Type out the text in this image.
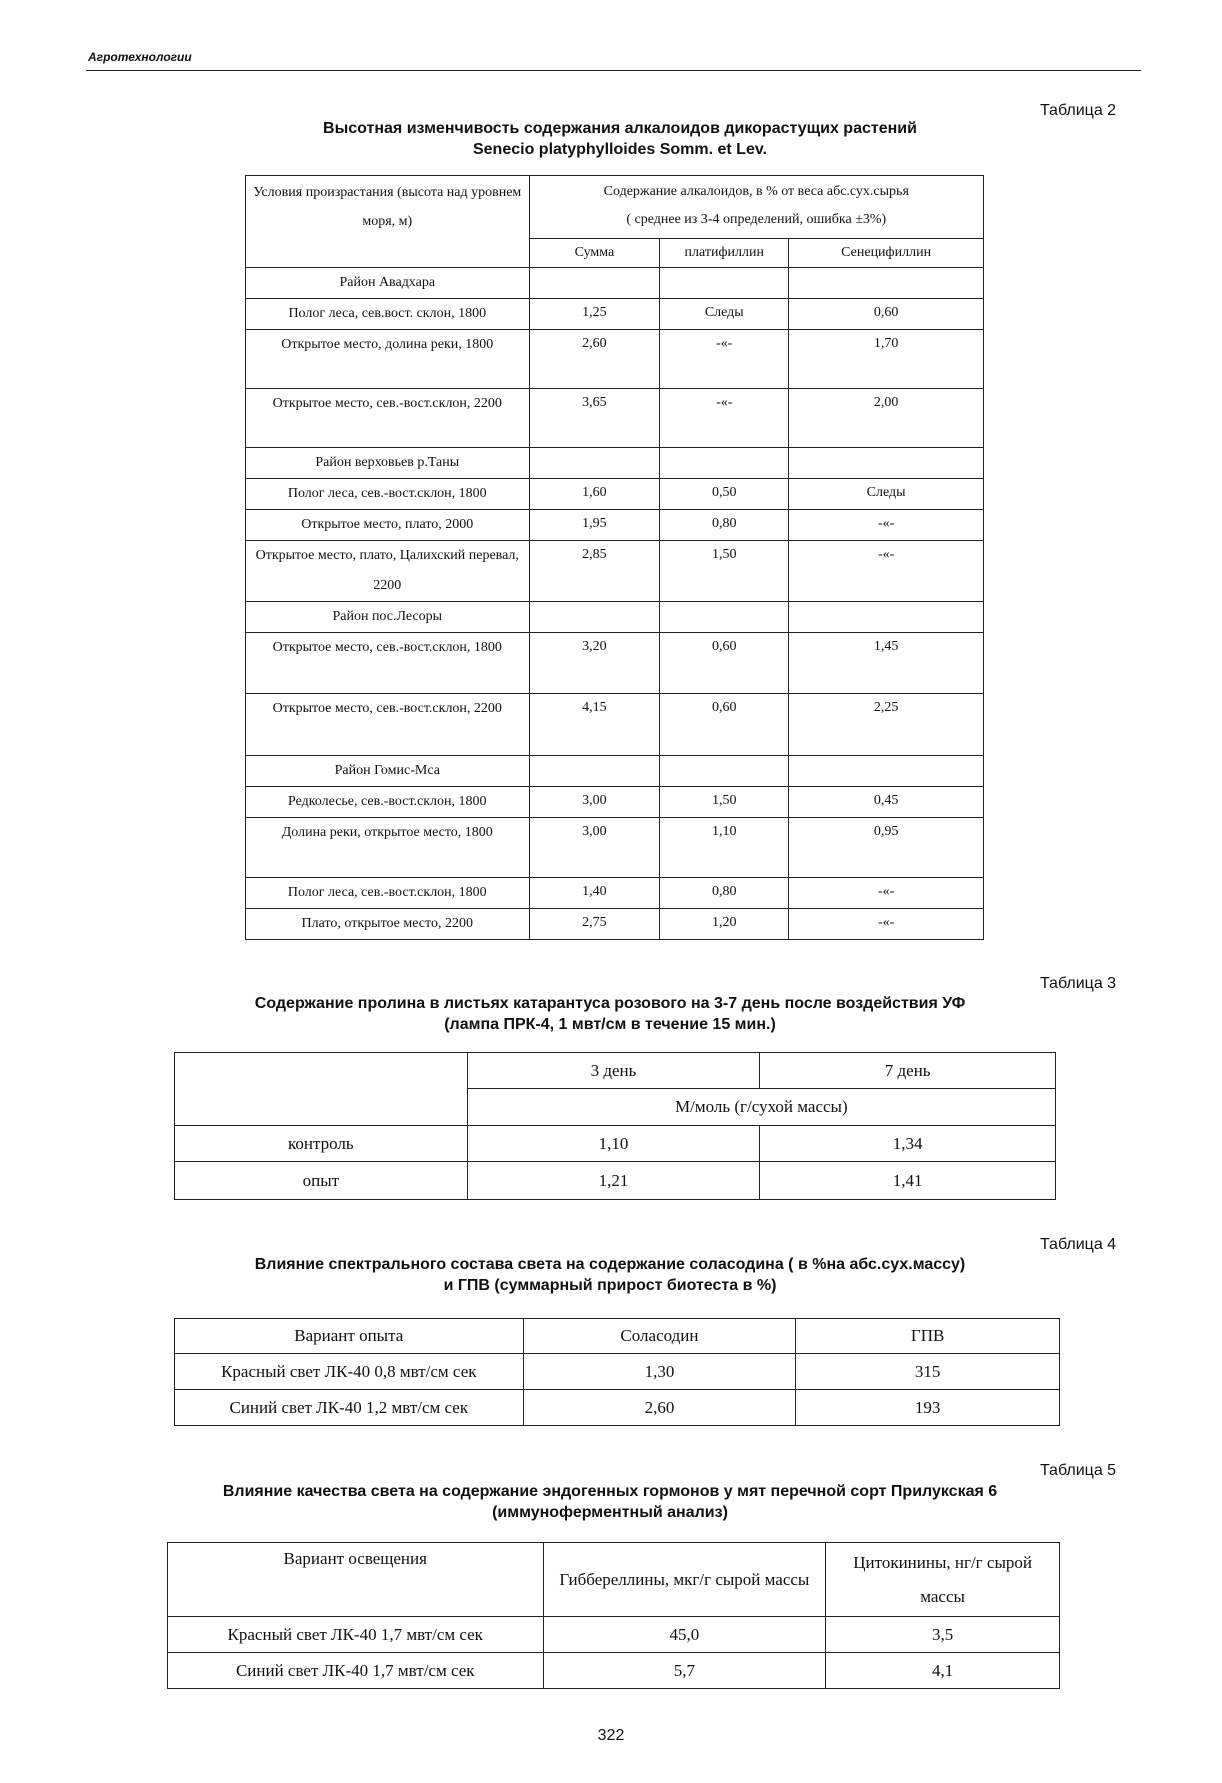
Агротехнологии
Таблица 2
Высотная изменчивость содержания алкалоидов дикорастущих растений
Senecio platyphylloides Somm. et Lev.
Условия произрастания (высота над уровнем моря, м)	Содержание алкалоидов, в % от веса абс.сух.сырья
( среднее из 3-4 определений, ошибка ±3%)		

	Сумма	платифиллин	Сенецифиллин
Район Авадхара			
Полог леса, сев.вост. склон, 1800	1,25	Следы	0,60
Открытое место, долина реки, 1800	2,60	-«-	1,70
Открытое место, сев.-вост.склон, 2200	3,65	-«-	2,00
Район верховьев р.Таны			
Полог леса, сев.-вост.склон, 1800	1,60	0,50	Следы
Открытое место, плато, 2000	1,95	0,80	-«-
Открытое место, плато, Цалихский перевал, 2200	2,85	1,50	-«-
Район пос.Лесоры			
Открытое место, сев.-вост.склон, 1800	3,20	0,60	1,45
Открытое место, сев.-вост.склон, 2200	4,15	0,60	2,25
Район Гомис-Мса			
Редколесье, сев.-вост.склон, 1800	3,00	1,50	0,45
Долина реки, открытое место, 1800	3,00	1,10	0,95
Полог леса, сев.-вост.склон, 1800	1,40	0,80	-«-
Плато, открытое место, 2200	2,75	1,20	-«-
Таблица 3
Содержание пролина в листьях катарантуса розового на 3-7 день после воздействия УФ
(лампа ПРК-4, 1 мвт/см в течение 15 мин.)
	3 день	7 день
	М/моль (г/сухой массы)	
контроль	1,10	1,34
опыт	1,21	1,41
Таблица 4
Влияние спектрального состава света на содержание соласодина ( в %на абс.сух.массу)
и ГПВ (суммарный прирост биотеста в %)
Вариант опыта	Соласодин	ГПВ
Красный свет ЛК-40 0,8 мвт/см сек	1,30	315
Синий свет ЛК-40 1,2 мвт/см сек	2,60	193
Таблица 5
Влияние качества света на содержание эндогенных гормонов у мят перечной сорт Прилукская 6
(иммуноферментный анализ)
Вариант освещения	Гиббереллины, мкг/г сырой массы	Цитокинины, нг/г сырой массы
Красный свет ЛК-40 1,7 мвт/см сек	45,0	3,5
Синий свет ЛК-40 1,7 мвт/см сек	5,7	4,1
322
